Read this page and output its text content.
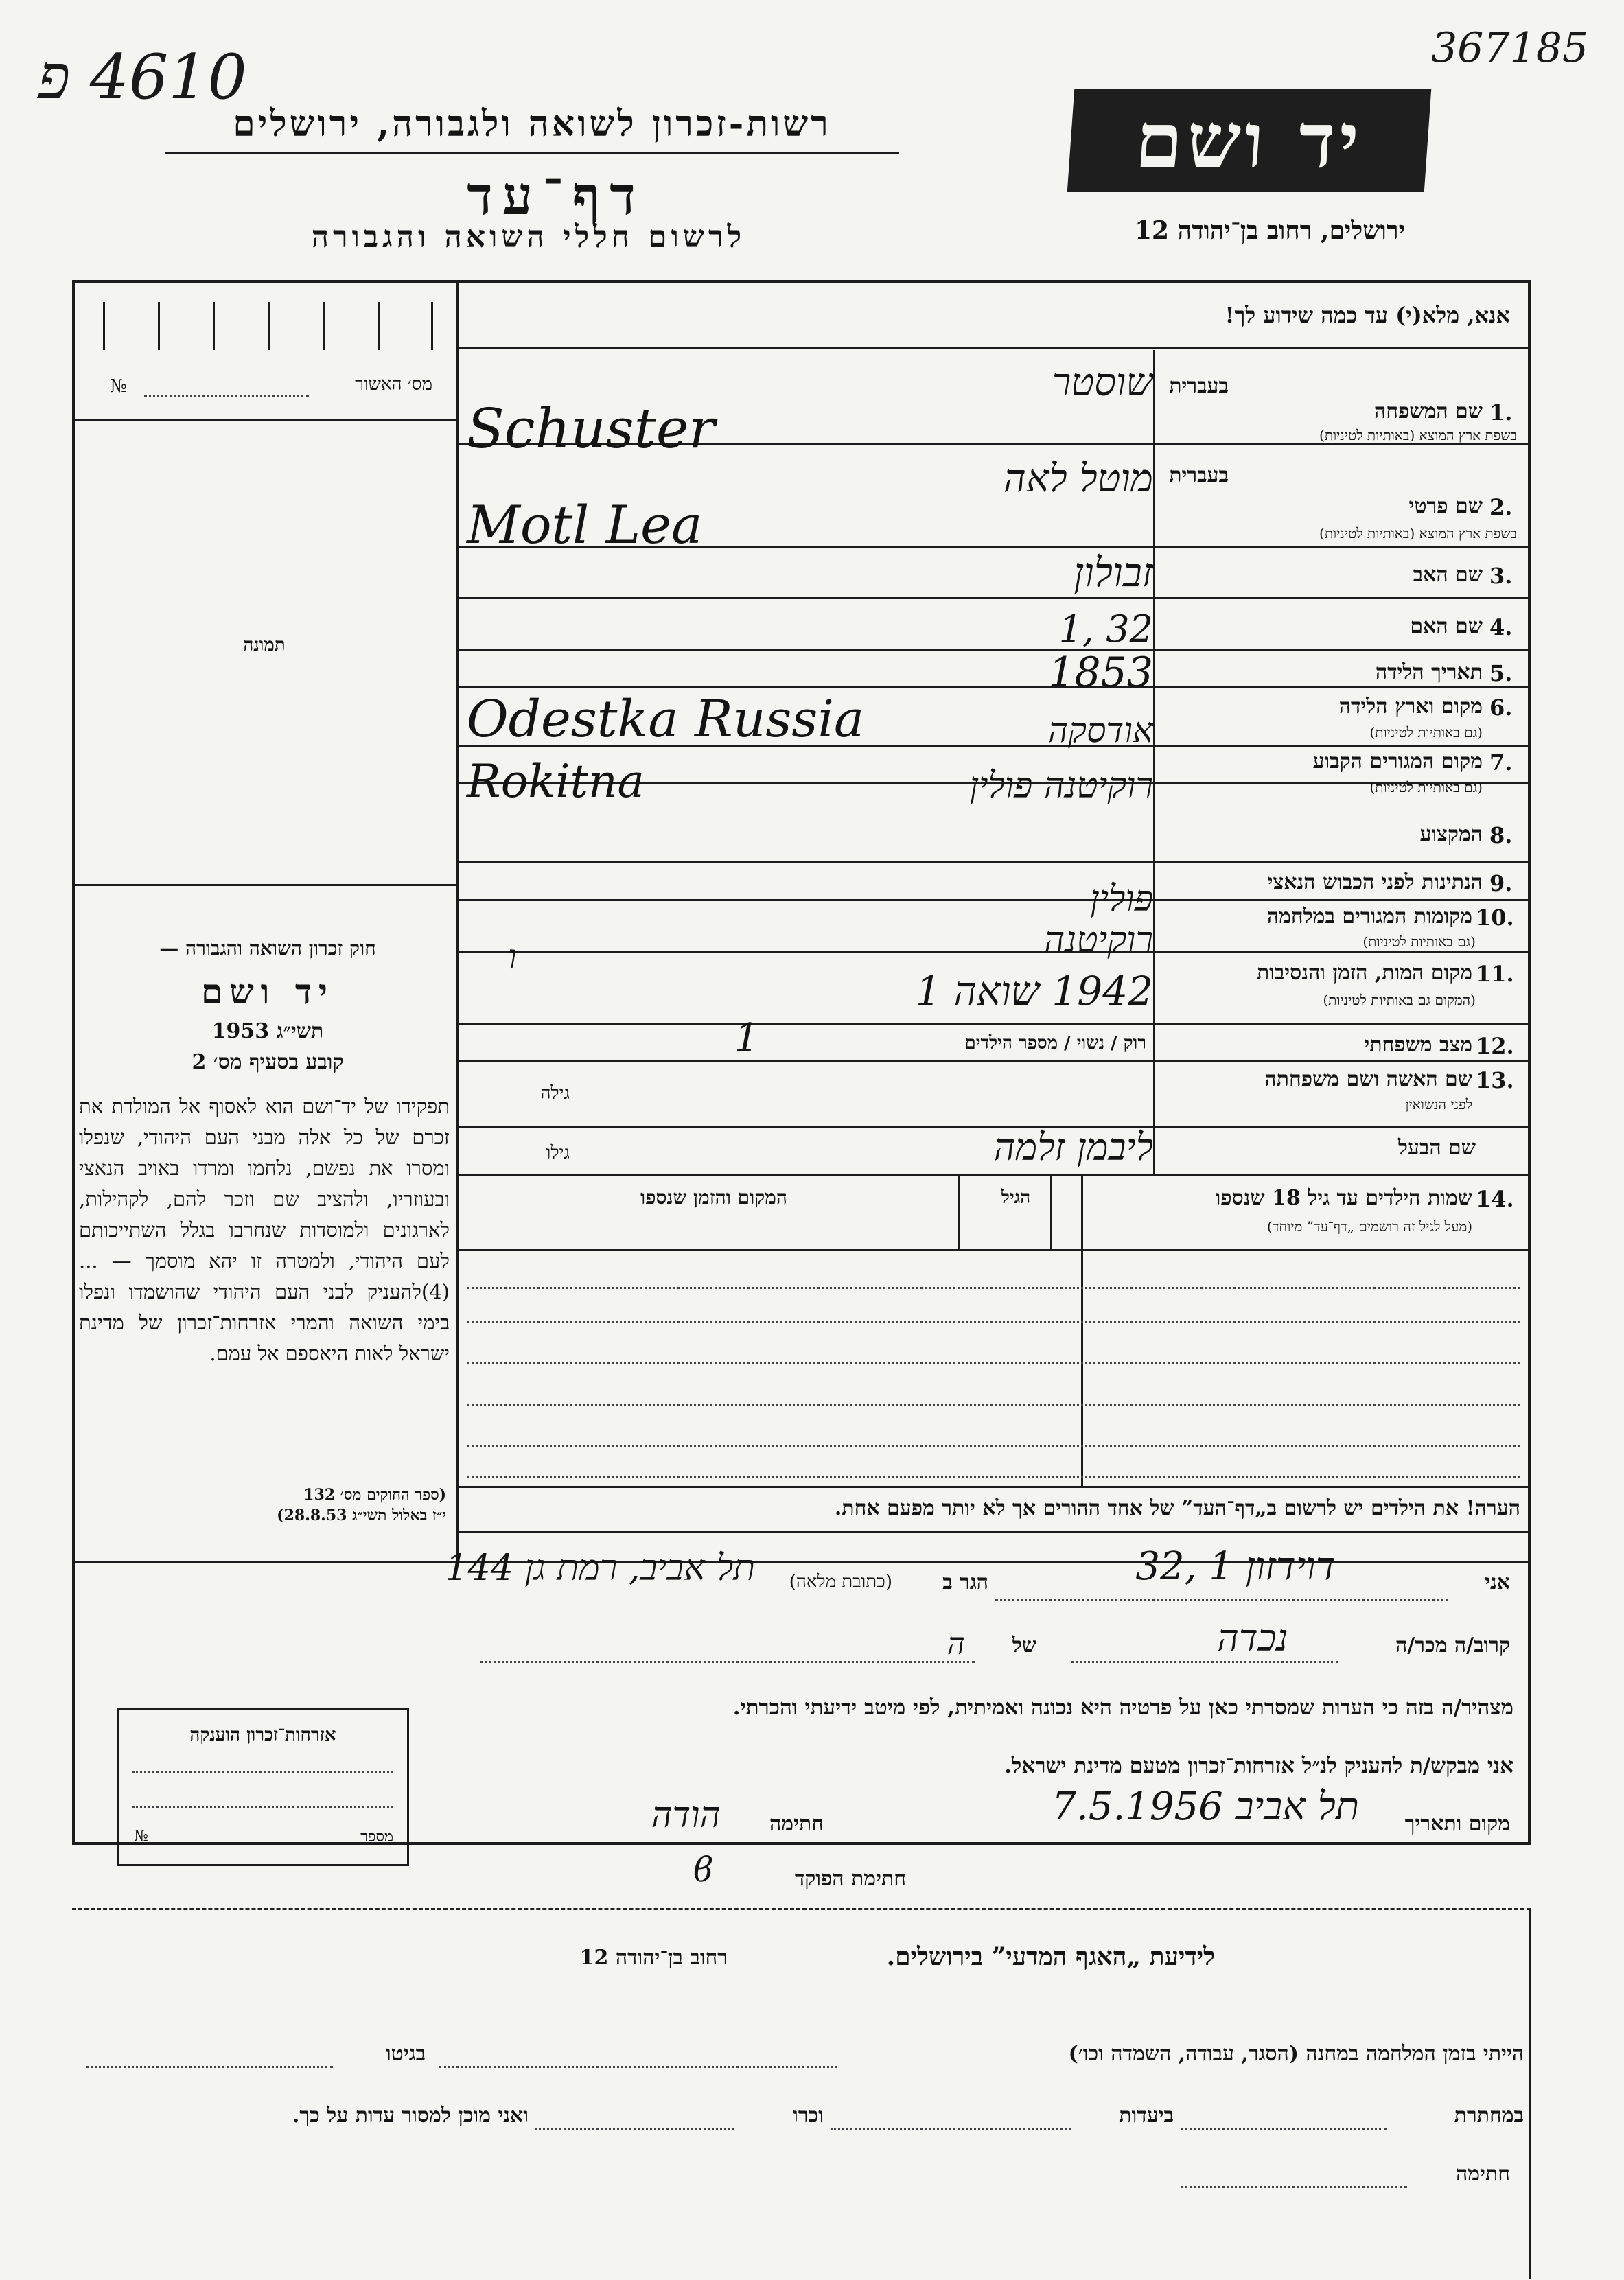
4610 פ	367185
רשות-זכרון לשואה ולגבורה, ירושלים
דף־עד
לרשום חללי השואה והגבורה
יד ושם
ירושלים, רחוב בן־יהודה 12
אנא, מלא(י) עד כמה שידוע לך!
מס׳ האשור
№
תמונה
חוק זכרון השואה והגבורה —
יד ושם
תשי״ג 1953
קובע בסעיף מס׳ 2
תפקידו של יד־ושם הוא לאסוף אל המולדת את זכרם של כל אלה מבני העם היהודי, שנפלו ומסרו את נפשם, נלחמו ומרדו באויב הנאצי ובעוזריו, ולהציב שם וזכר להם, לקהילות, לארגונים ולמוסדות שנחרבו בגלל השתייכותם לעם היהודי, ולמטרה זו יהא מוסמך — ...(4)להעניק לבני העם היהודי שהושמדו ונפלו בימי השואה והמרי אזרחות־זכרון של מדינת ישראל לאות היאספם אל עמם.
(ספר החוקים מס׳ 132
י״ז באלול תשי״ג 28.8.53)
בעברית
1.
שם המשפחה
בשפת ארץ המוצא (באותיות לטיניות)
שוסטר
Schuster
בעברית
2.
שם פרטי
בשפת ארץ המוצא (באותיות לטיניות)
מוטל לאה
Motl Lea
3.
שם האב
זבולון
4.
שם האם
32 ,1
5.
תאריך הלידה
1853
6.
מקום וארץ הלידה
(גם באותיות לטיניות)
אודסקה
Odestka Russia
7.
מקום המגורים הקבוע
(גם באותיות לטיניות)
רוקיטנה פולין
Rokitna
8.
המקצוע
9.
הנתינות לפני הכבוש הנאצי
פולין	10.
מקומות המגורים במלחמה
(גם באותיות לטיניות)
רוקיטנה
11.
מקום המות, הזמן והנסיבות
(המקום גם באותיות לטיניות)
1942 שואה 1
ו
12.
מצב משפחתי
רוק / נשוי / מספר הילדים
1
13.
שם האשה ושם משפחתה
לפני הנשואין
גילה
שם הבעל
גילו	ליבמן זלמה
14.
שמות הילדים עד גיל 18 שנספו
(מעל לגיל זה רושמים „דף־עד” מיוחד)
הגיל
המקום והזמן שנספו
הערה! את הילדים יש לרשום ב„דף־העד” של אחד ההורים אך לא יותר מפעם אחת.
אני
דוידזון 1 ,32
הגר ב
(כתובת מלאה)
תל אביב, רמת גן 144
קרוב/ה מכר/ה
נכדה
של
ה
מצהיר/ה בזה כי העדות שמסרתי כאן על פרטיה היא נכונה ואמיתית, לפי מיטב ידיעתי והכרתי.
אני מבקש/ת להעניק לנ״ל אזרחות־זכרון מטעם מדינת ישראל.
מקום ותאריך
תל אביב 7.5.1956
חתימה
הודה
חתימת הפוקד
ϐ
אזרחות־זכרון הוענקה
מספר
№
לידיעת „האגף המדעי” בירושלים.
רחוב בן־יהודה 12
הייתי בזמן המלחמה במחנה (הסגר, עבודה, השמדה וכו׳)
בגיטו
במחתרת
ביעדות
וכרו
ואני מוכן למסור עדות על כך.
חתימה
